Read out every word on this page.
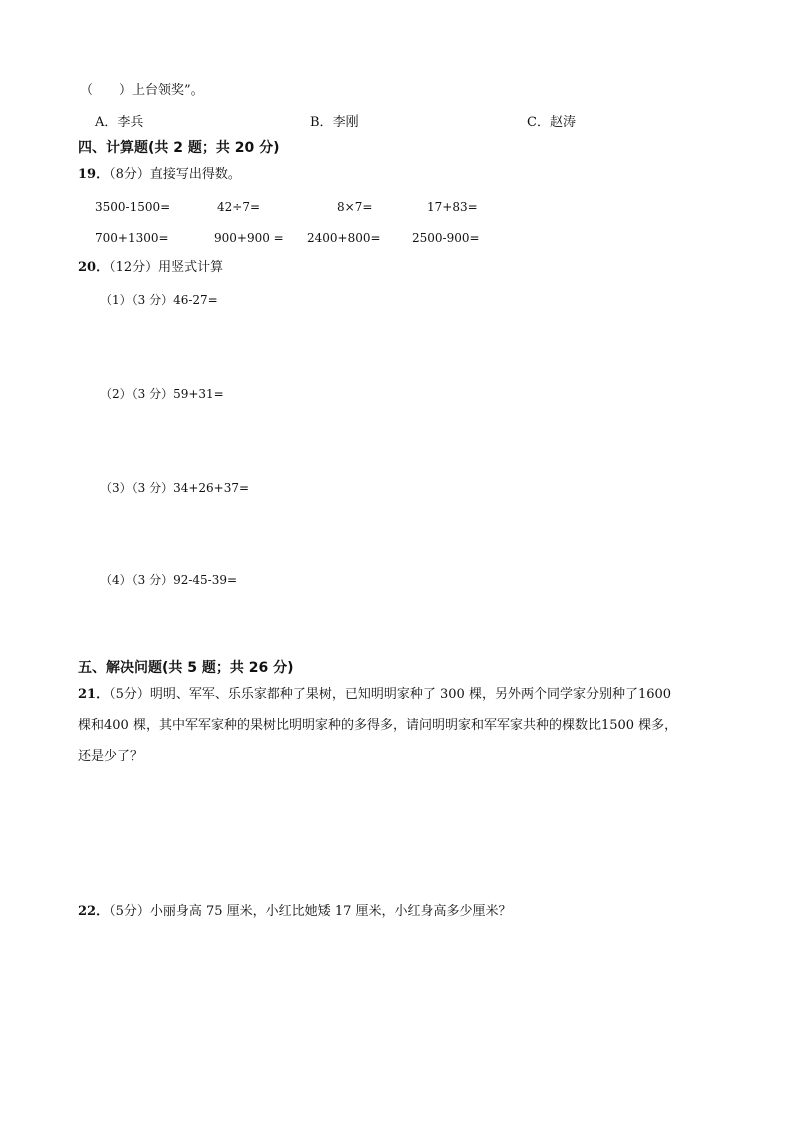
（　　）上台领奖”。
A．李兵	B．李刚	C．赵涛
四、计算题(共 2 题；共 20 分)
19．（8分）直接写出得数。
3500-1500=	42÷7=	8×7=	17+83=
700+1300=	900+900 = 2400+800=	2500-900=
20．（12分）用竖式计算
（1）（3 分）46-27=
（2）（3 分）59+31=
（3）（3 分）34+26+37=
（4）（3 分）92-45-39=
五、解决问题(共 5 题；共 26 分)
21．（5分）明明、军军、乐乐家都种了果树，已知明明家种了 300 棵，另外两个同学家分别种了1600
棵和400 棵，其中军军家种的果树比明明家种的多得多，请问明明家和军军家共种的棵数比1500 棵多，
还是少了？
22．（5分）小丽身高 75 厘米，小红比她矮 17 厘米，小红身高多少厘米？
